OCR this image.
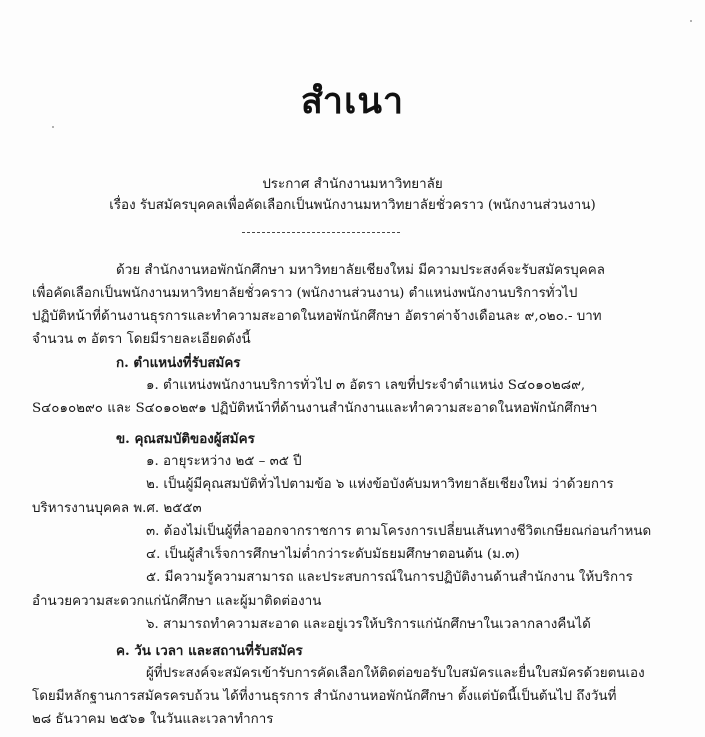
สำเนา
ประกาศ สำนักงานมหาวิทยาลัย
เรื่อง รับสมัครบุคคลเพื่อคัดเลือกเป็นพนักงานมหาวิทยาลัยชั่วคราว (พนักงานส่วนงาน)
ด้วย สำนักงานหอพักนักศึกษา มหาวิทยาลัยเชียงใหม่ มีความประสงค์จะรับสมัครบุคคล
เพื่อคัดเลือกเป็นพนักงานมหาวิทยาลัยชั่วคราว (พนักงานส่วนงาน) ตำแหน่งพนักงานบริการทั่วไป
ปฏิบัติหน้าที่ด้านงานธุรการและทำความสะอาดในหอพักนักศึกษา อัตราค่าจ้างเดือนละ ๙,๐๒๐.- บาท
จำนวน ๓ อัตรา โดยมีรายละเอียดดังนี้
ก. ตำแหน่งที่รับสมัคร
๑. ตำแหน่งพนักงานบริการทั่วไป ๓ อัตรา เลขที่ประจำตำแหน่ง S๔๐๑๐๒๘๙,
S๔๐๑๐๒๙๐ และ S๔๐๑๐๒๙๑ ปฏิบัติหน้าที่ด้านงานสำนักงานและทำความสะอาดในหอพักนักศึกษา
ข. คุณสมบัติของผู้สมัคร
๑. อายุระหว่าง ๒๕ – ๓๕ ปี
๒. เป็นผู้มีคุณสมบัติทั่วไปตามข้อ ๖ แห่งข้อบังคับมหาวิทยาลัยเชียงใหม่ ว่าด้วยการ
บริหารงานบุคคล พ.ศ. ๒๕๕๓
๓. ต้องไม่เป็นผู้ที่ลาออกจากราชการ ตามโครงการเปลี่ยนเส้นทางชีวิตเกษียณก่อนกำหนด
๔. เป็นผู้สำเร็จการศึกษาไม่ต่ำกว่าระดับมัธยมศึกษาตอนต้น (ม.๓)
๕. มีความรู้ความสามารถ และประสบการณ์ในการปฏิบัติงานด้านสำนักงาน ให้บริการ
อำนวยความสะดวกแก่นักศึกษา และผู้มาติดต่องาน
๖. สามารถทำความสะอาด และอยู่เวรให้บริการแก่นักศึกษาในเวลากลางคืนได้
ค. วัน เวลา และสถานที่รับสมัคร
ผู้ที่ประสงค์จะสมัครเข้ารับการคัดเลือกให้ติดต่อขอรับใบสมัครและยื่นใบสมัครด้วยตนเอง
โดยมีหลักฐานการสมัครครบถ้วน ได้ที่งานธุรการ สำนักงานหอพักนักศึกษา ตั้งแต่บัดนี้เป็นต้นไป ถึงวันที่
๒๘ ธันวาคม ๒๕๖๑ ในวันและเวลาทำการ
